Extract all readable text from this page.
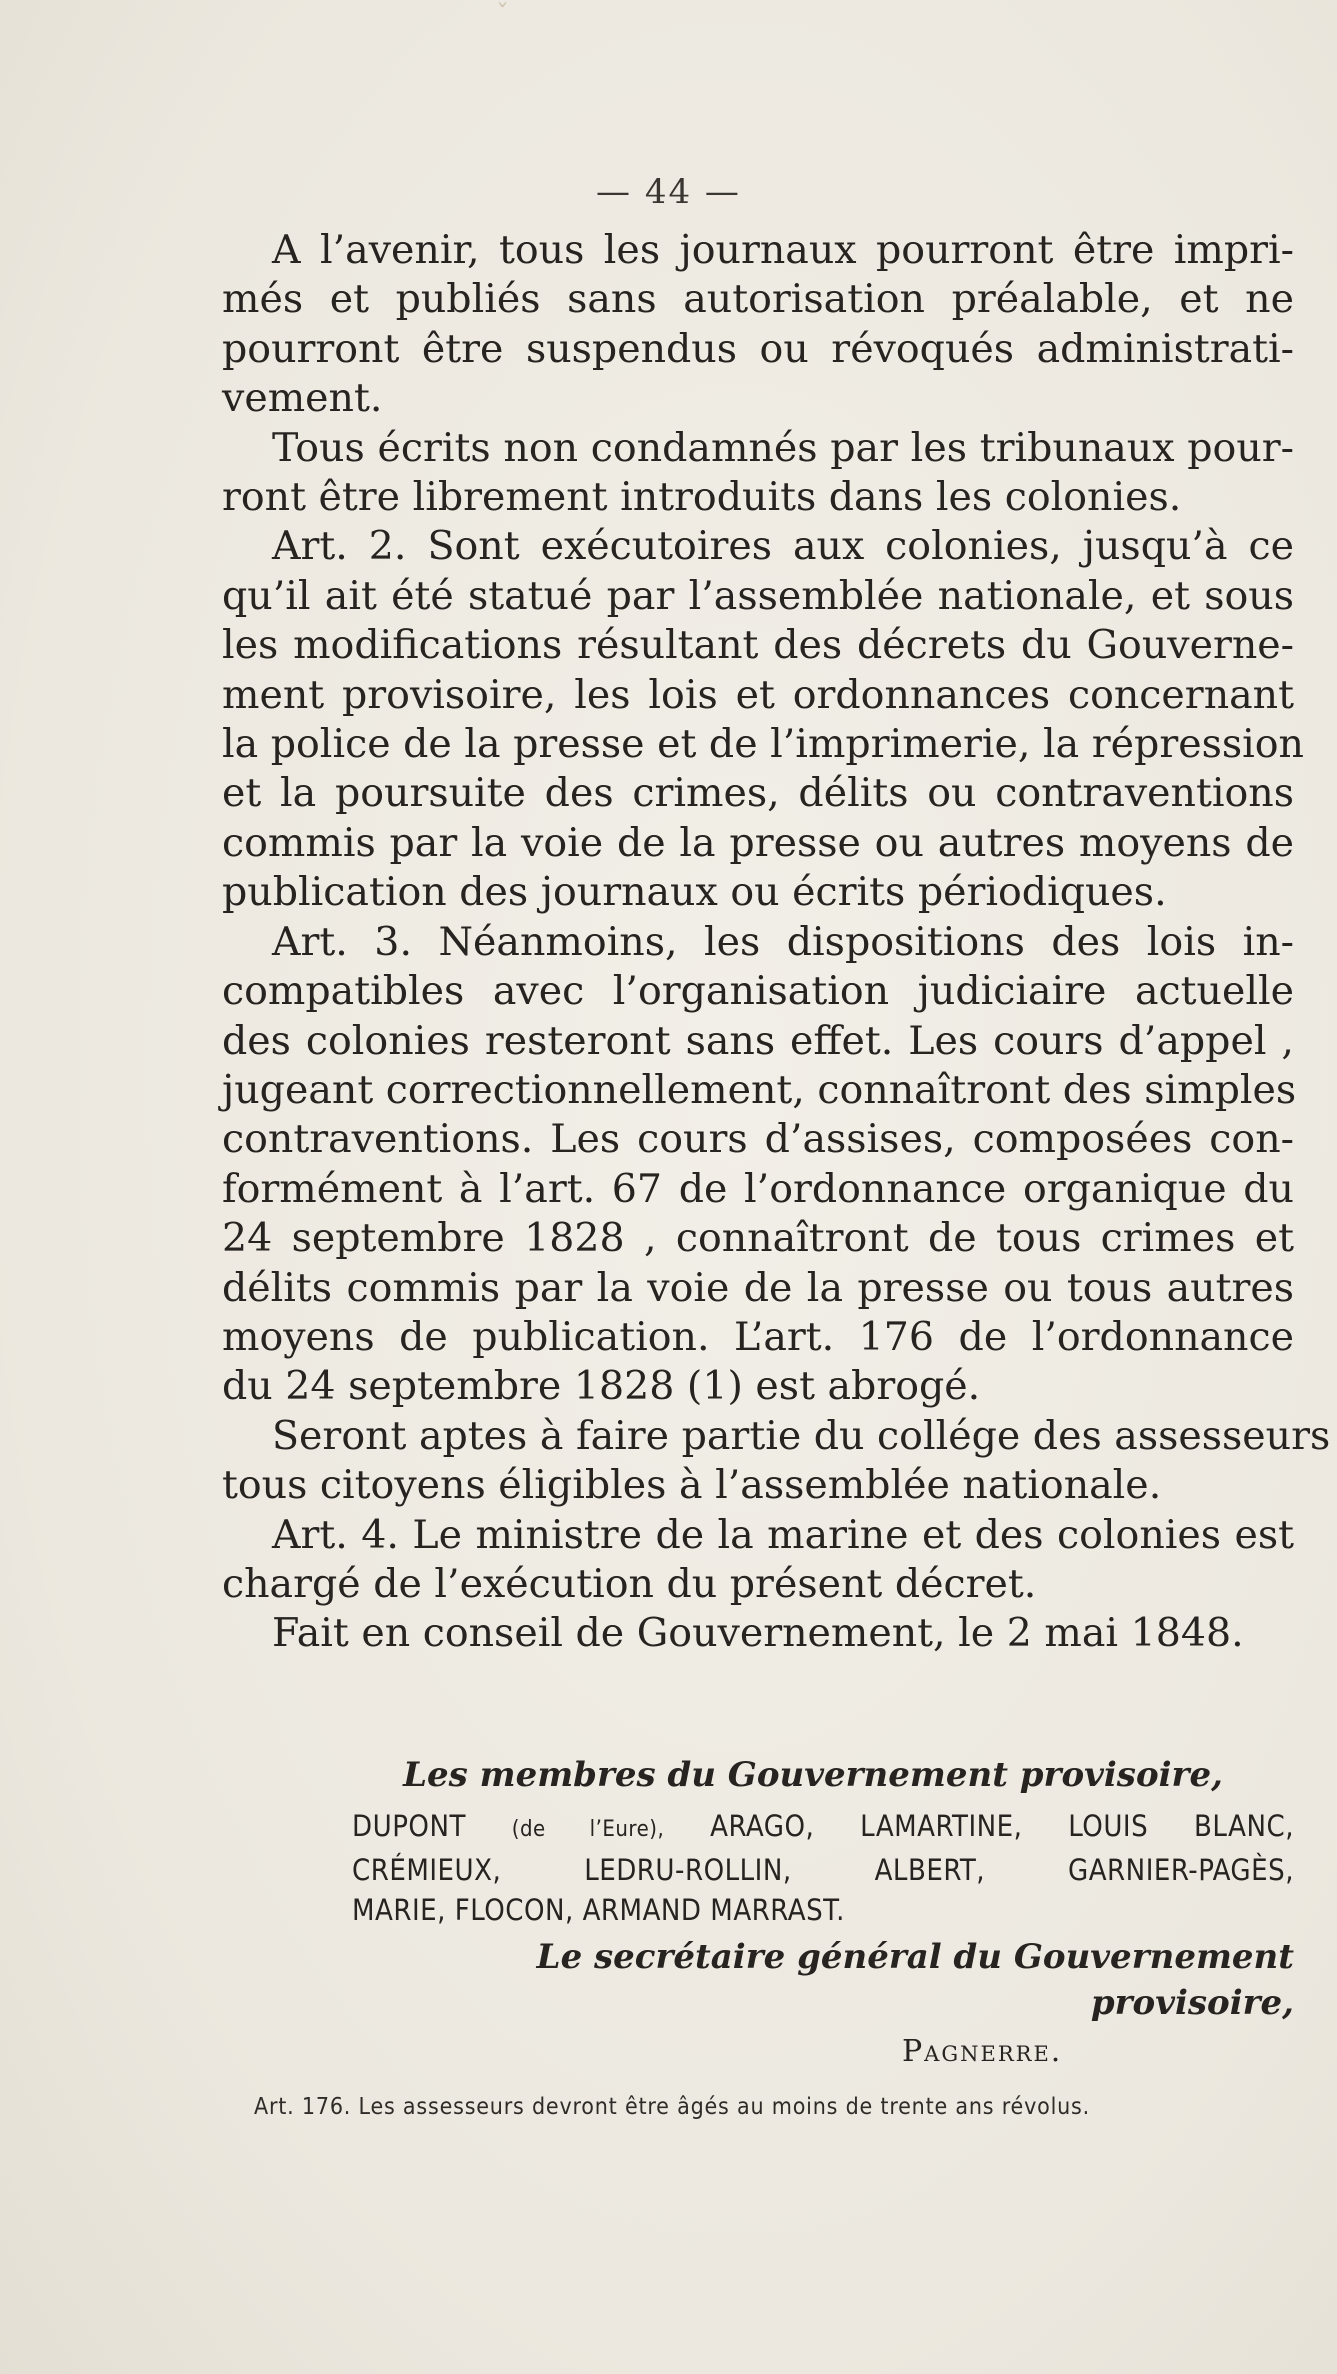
ˇ
— 44 —

A l’avenir, tous les journaux pourront être impri-
més et publiés sans autorisation préalable, et ne
pourront être suspendus ou révoqués administrati-
vement.

Tous écrits non condamnés par les tribunaux pour-
ront être librement introduits dans les colonies.

Art. 2. Sont exécutoires aux colonies, jusqu’à ce
qu’il ait été statué par l’assemblée nationale, et sous
les modifications résultant des décrets du Gouverne-
ment provisoire, les lois et ordonnances concernant
la police de la presse et de l’imprimerie, la répression
et la poursuite des crimes, délits ou contraventions
commis par la voie de la presse ou autres moyens de
publication des journaux ou écrits périodiques.

Art. 3. Néanmoins, les dispositions des lois in-
compatibles avec l’organisation judiciaire actuelle
des colonies resteront sans effet. Les cours d’appel ,
jugeant correctionnellement, connaîtront des simples
contraventions. Les cours d’assises, composées con-
formément à l’art. 67 de l’ordonnance organique du
24 septembre 1828 , connaîtront de tous crimes et
délits commis par la voie de la presse ou tous autres
moyens de publication. L’art. 176 de l’ordonnance
du 24 septembre 1828 (1) est abrogé.

Seront aptes à faire partie du collége des assesseurs
tous citoyens éligibles à l’assemblée nationale.

Art. 4. Le ministre de la marine et des colonies est
chargé de l’exécution du présent décret.

Fait en conseil de Gouvernement, le 2 mai 1848.

Les membres du Gouvernement provisoire,
DUPONT (de l’Eure), ARAGO, LAMARTINE, LOUIS BLANC,
CRÉMIEUX, LEDRU-ROLLIN, ALBERT, GARNIER-PAGÈS,
MARIE, FLOCON, ARMAND MARRAST.
Le secrétaire général du Gouvernement provisoire,
Pagnerre.
Art. 176. Les assesseurs devront être âgés au moins de trente ans révolus.
